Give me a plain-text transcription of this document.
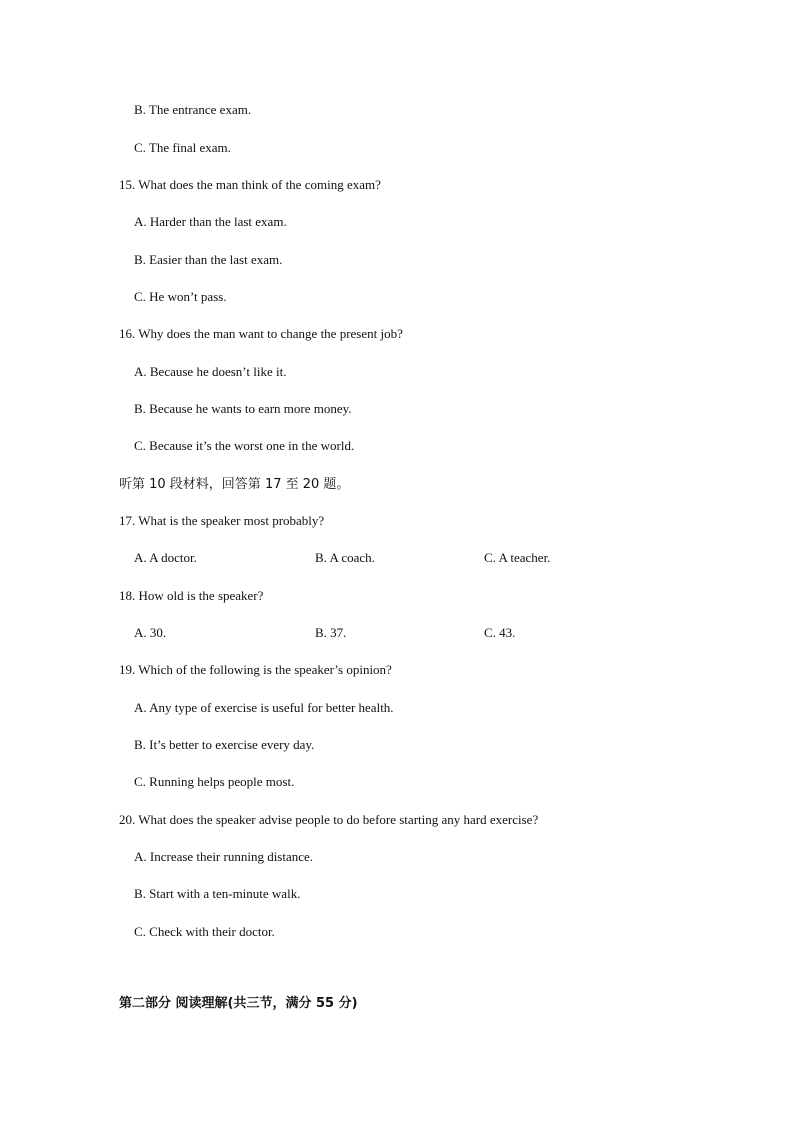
B. The entrance exam.
C. The final exam.
15. What does the man think of the coming exam?
A. Harder than the last exam.
B. Easier than the last exam.
C. He won’t pass.
16. Why does the man want to change the present job?
A. Because he doesn’t like it.
B. Because he wants to earn more money.
C. Because it’s the worst one in the world.
听第 10 段材料，回答第 17 至 20 题。
17. What is the speaker most probably?
A. A doctor.	B. A coach.	C. A teacher.
18. How old is the speaker?
A. 30.	B. 37.	C. 43.
19. Which of the following is the speaker’s opinion?
A. Any type of exercise is useful for better health.
B. It’s better to exercise every day.
C. Running helps people most.
20. What does the speaker advise people to do before starting any hard exercise?
A. Increase their running distance.
B. Start with a ten-minute walk.
C. Check with their doctor.
第二部分 阅读理解(共三节，满分 55 分)
